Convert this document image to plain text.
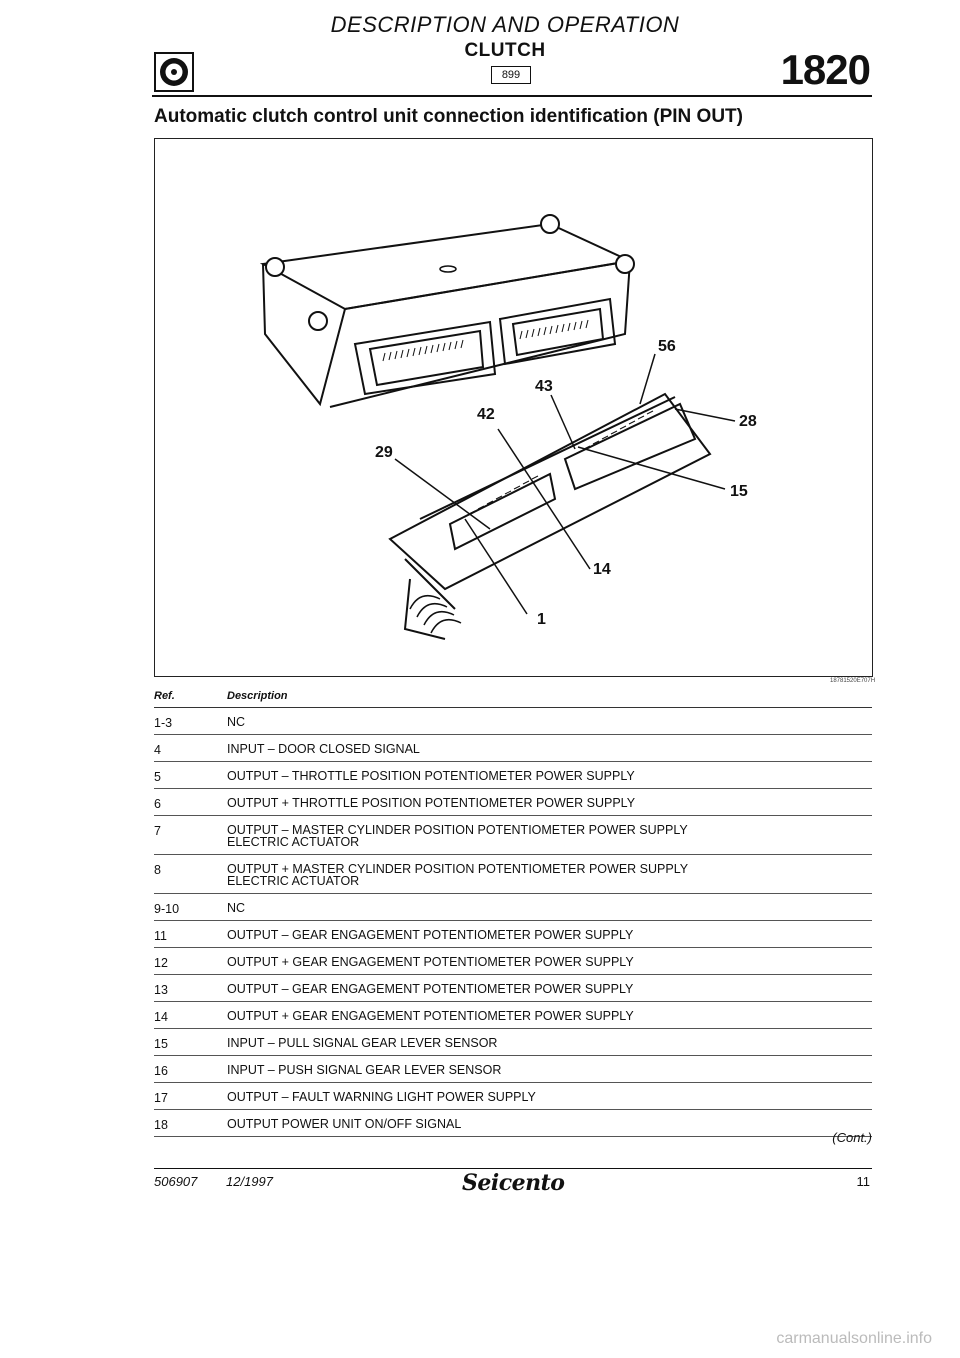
DESCRIPTION AND OPERATION
CLUTCH
899	1820
Automatic clutch control unit connection identification (PIN OUT)
56
43
42	28
29
15
14
1
18781520E707H
Ref.	Description
1-3	NC
4	INPUT – DOOR CLOSED SIGNAL
5	OUTPUT – THROTTLE POSITION POTENTIOMETER POWER SUPPLY
6	OUTPUT + THROTTLE POSITION POTENTIOMETER POWER SUPPLY
7	OUTPUT – MASTER CYLINDER POSITION POTENTIOMETER POWER SUPPLY
ELECTRIC ACTUATOR
8	OUTPUT + MASTER CYLINDER POSITION POTENTIOMETER POWER SUPPLY
ELECTRIC ACTUATOR
9-10	NC
11	OUTPUT – GEAR ENGAGEMENT POTENTIOMETER POWER SUPPLY
12	OUTPUT + GEAR ENGAGEMENT POTENTIOMETER POWER SUPPLY
13	OUTPUT – GEAR ENGAGEMENT POTENTIOMETER POWER SUPPLY
14	OUTPUT + GEAR ENGAGEMENT POTENTIOMETER POWER SUPPLY
15	INPUT – PULL SIGNAL GEAR LEVER SENSOR
16	INPUT – PUSH SIGNAL GEAR LEVER SENSOR
17	OUTPUT – FAULT WARNING LIGHT POWER SUPPLY
18	OUTPUT POWER UNIT ON/OFF SIGNAL
(Cont.)
506907 12/1997	Seicento	11
carmanualsonline.info
